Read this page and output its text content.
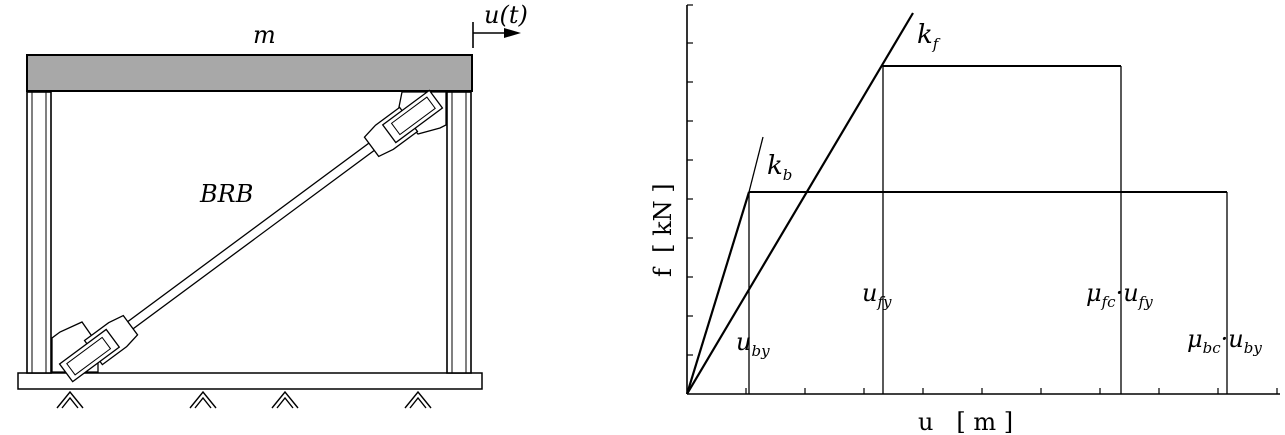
m
BRB
u(t)
f  [ kN ]
u   [ m ]
$k_f$
$k_b$
$u_{by}$
$u_{fy}$	$\mu_{fc}\cdot u_{fy}$
$\mu_{bc}\cdot u_{by}$
